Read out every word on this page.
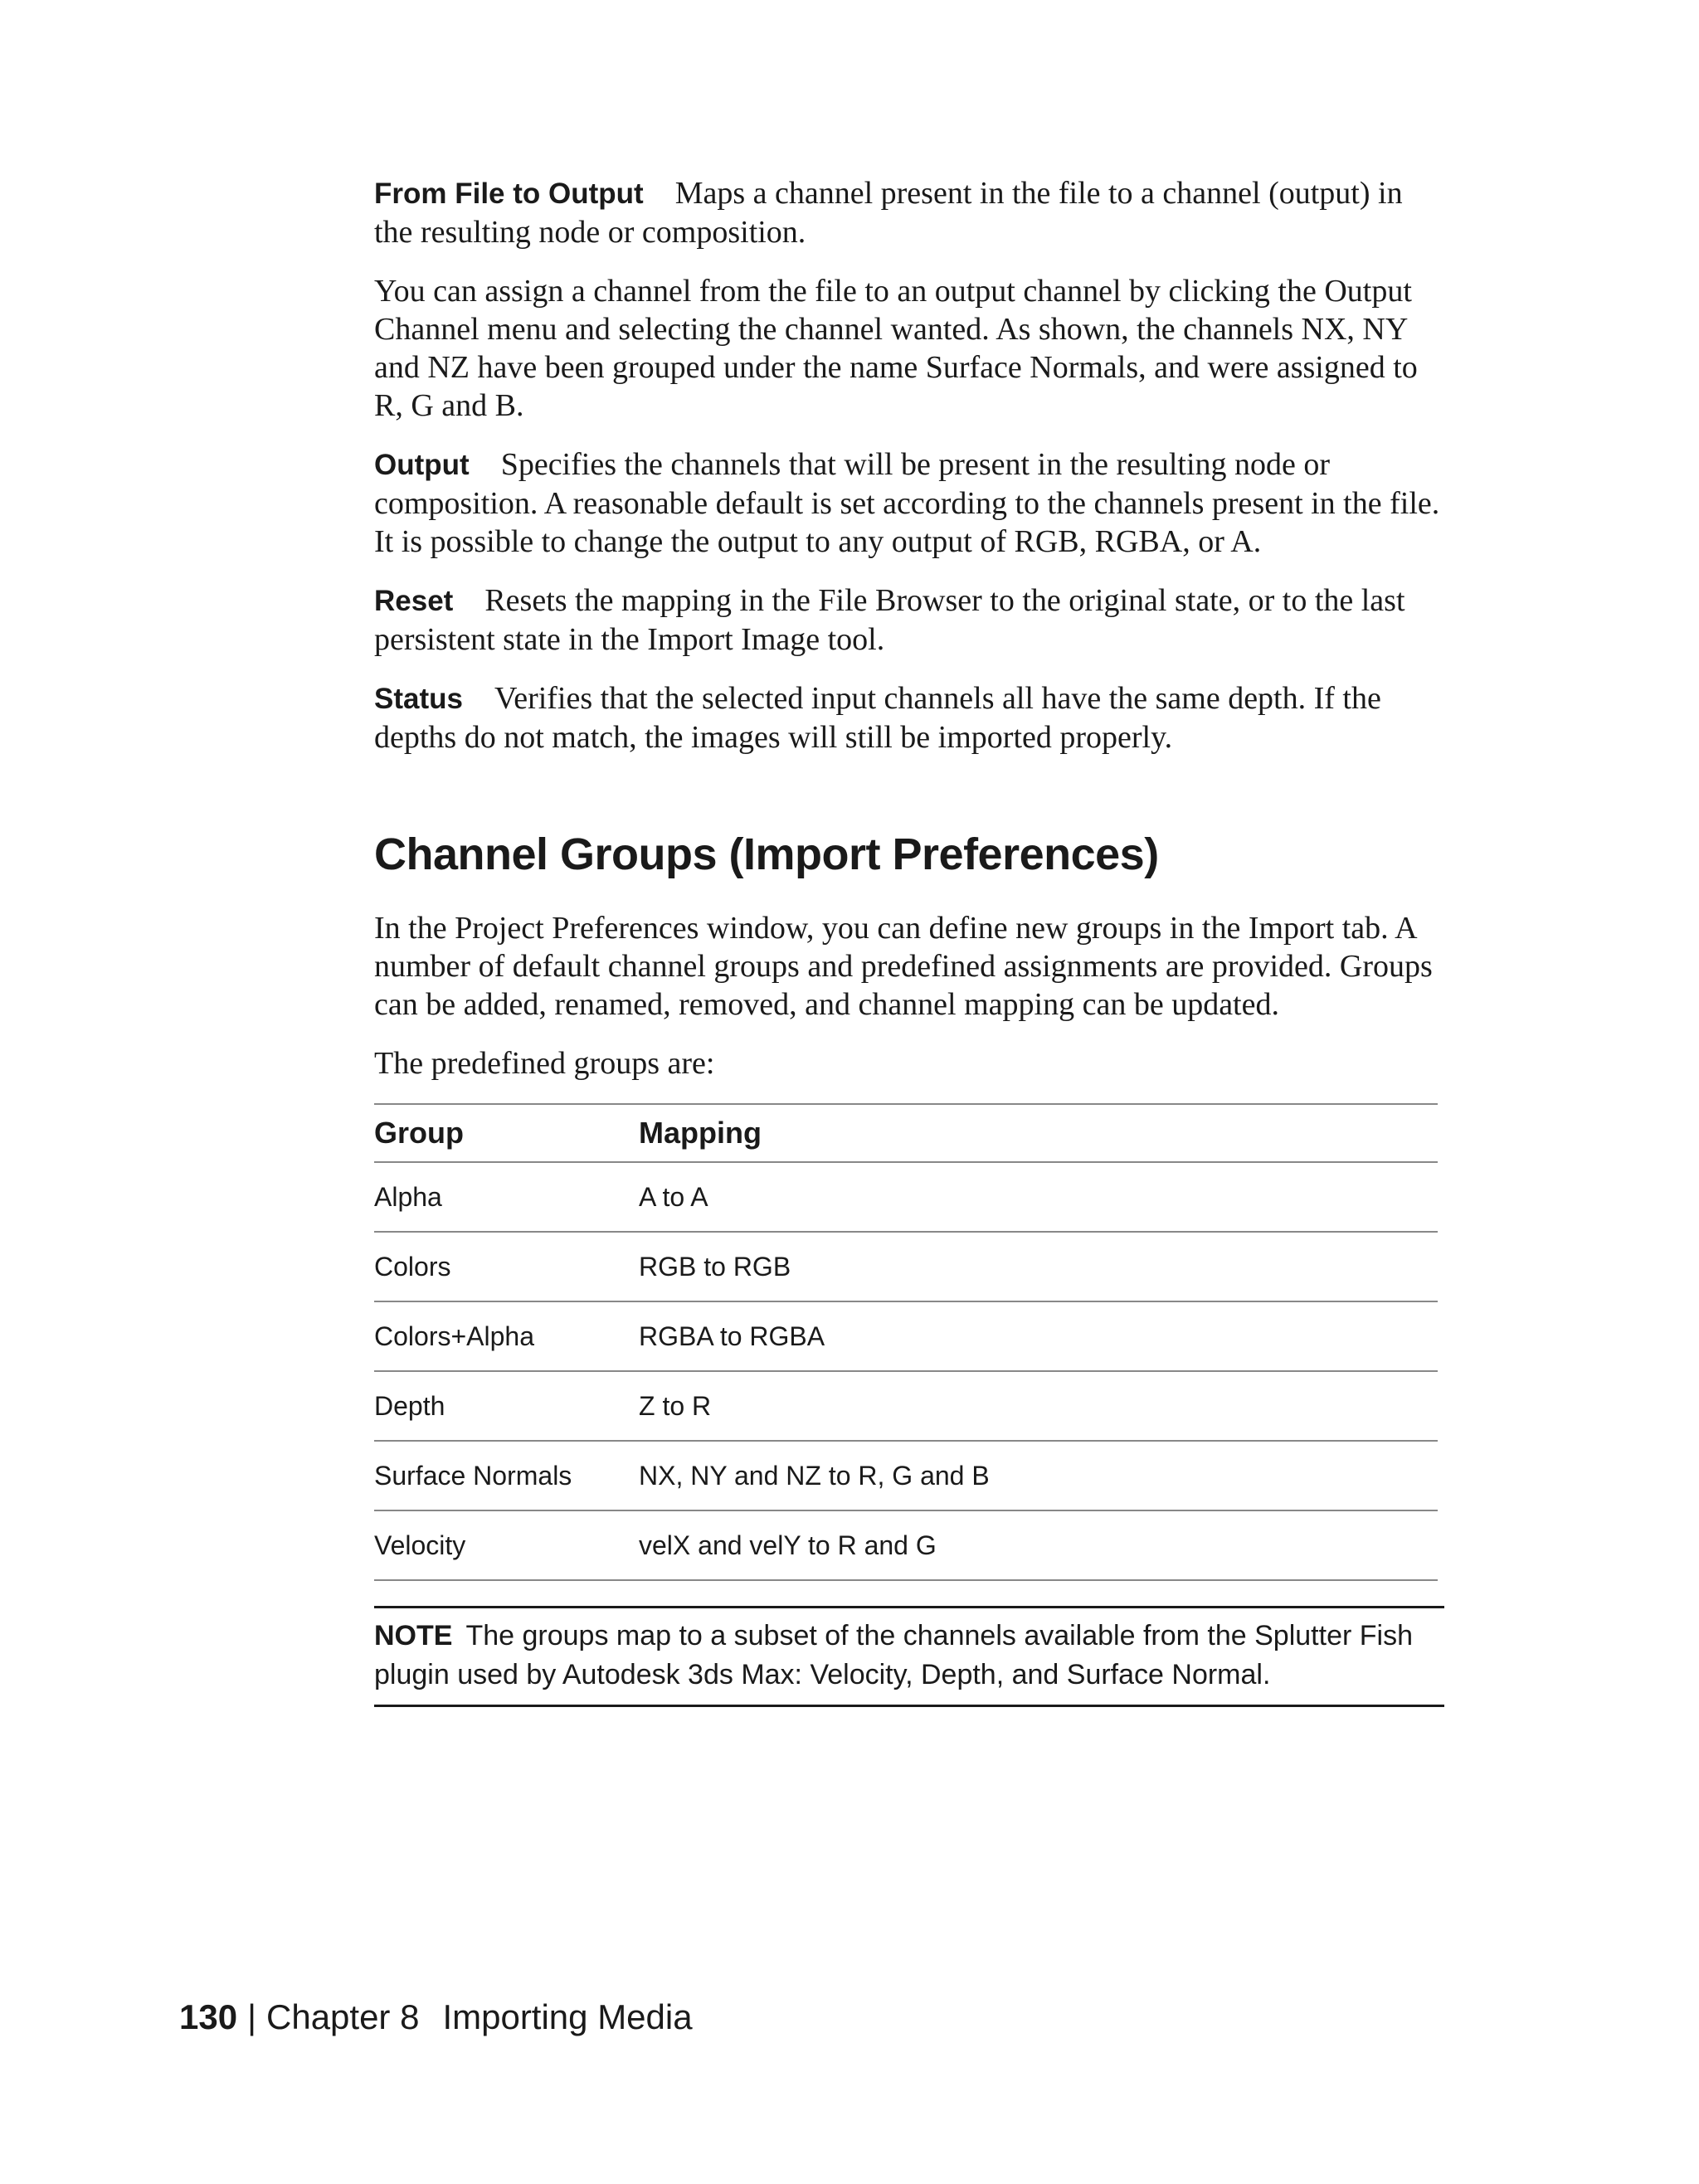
From File to Output Maps a channel present in the file to a channel (output) in the resulting node or composition.

You can assign a channel from the file to an output channel by clicking the Output Channel menu and selecting the channel wanted. As shown, the channels NX, NY and NZ have been grouped under the name Surface Normals, and were assigned to R, G and B.

Output Specifies the channels that will be present in the resulting node or composition. A reasonable default is set according to the channels present in the file. It is possible to change the output to any output of RGB, RGBA, or A.

Reset Resets the mapping in the File Browser to the original state, or to the last persistent state in the Import Image tool.

Status Verifies that the selected input channels all have the same depth. If the depths do not match, the images will still be imported properly.

Channel Groups (Import Preferences)

In the Project Preferences window, you can define new groups in the Import tab. A number of default channel groups and predefined assignments are provided. Groups can be added, renamed, removed, and channel mapping can be updated.

The predefined groups are:

Group	Mapping
Alpha	A to A
Colors	RGB to RGB
Colors+Alpha	RGBA to RGBA
Depth	Z to R
Surface Normals	NX, NY and NZ to R, G and B
Velocity	velX and velY to R and G
NOTE The groups map to a subset of the channels available from the Splutter Fish plugin used by Autodesk 3ds Max: Velocity, Depth, and Surface Normal.
130 | Chapter 8 Importing Media
